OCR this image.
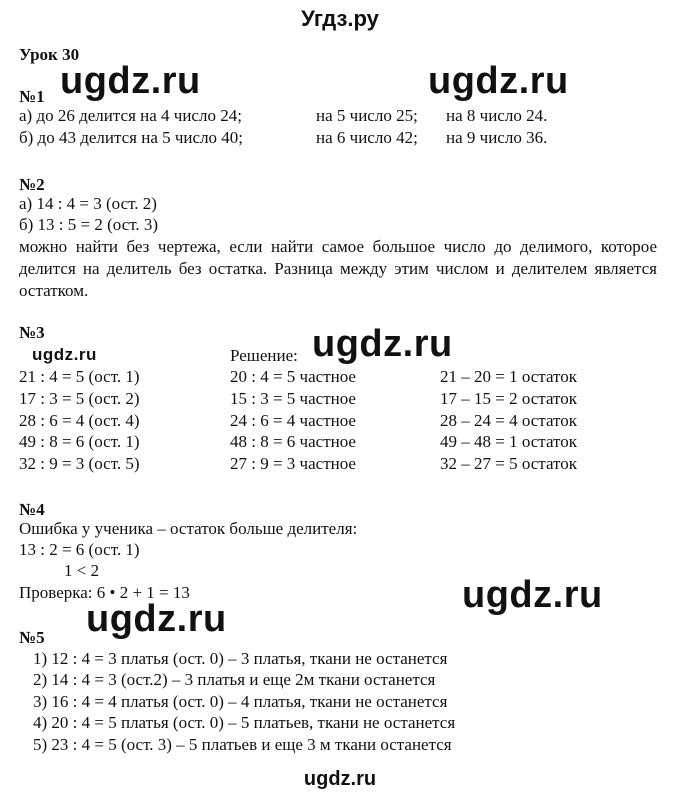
Угдз.ру
Урок 30
№1
а) до 26 делится на 4 число 24;	на 5 число 25; на 8 число 24.
б) до 43 делится на 5 число 40;	на 6 число 42; на 9 число 36.
№2
а) 14 : 4 = 3 (ост. 2)
б) 13 : 5 = 2 (ост. 3)
можно найти без чертежа, если найти самое большое число до делимого, которое делится на делитель без остатка. Разница между этим числом и делителем является остатком.
№3
Решение:
21 : 4 = 5 (ост. 1)	20 : 4 = 5 частное	21 – 20 = 1 остаток
17 : 3 = 5 (ост. 2)	15 : 3 = 5 частное	17 – 15 = 2 остаток
28 : 6 = 4 (ост. 4)	24 : 6 = 4 частное	28 – 24 = 4 остаток
49 : 8 = 6 (ост. 1)	48 : 8 = 6 частное	49 – 48 = 1 остаток
32 : 9 = 3 (ост. 5)	27 : 9 = 3 частное	32 – 27 = 5 остаток
№4
Ошибка у ученика – остаток больше делителя:
13 : 2 = 6 (ост. 1)
1 < 2
Проверка: 6 • 2 + 1 = 13
№5
1) 12 : 4 = 3 платья (ост. 0) – 3 платья, ткани не останется
2) 14 : 4 = 3 (ост.2) – 3 платья и еще 2м ткани останется
3) 16 : 4 = 4 платья (ост. 0) – 4 платья, ткани не останется
4) 20 : 4 = 5 платья (ост. 0) – 5 платьев, ткани не останется
5) 23 : 4 = 5 (ост. 3) – 5 платьев и еще 3 м ткани останется
ugdz.ru	ugdz.ru
ugdz.ru
ugdz.ru
ugdz.ru
ugdz.ru
ugdz.ru
